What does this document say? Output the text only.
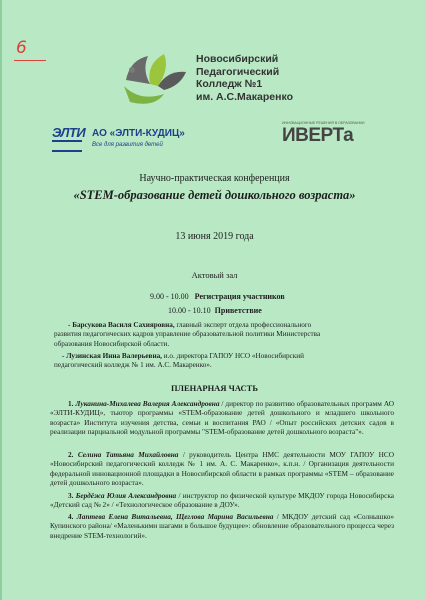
6
Новосибирский
Педагогический
Колледж №1
им. А.С.Макаренко
ЭЛТИ АО «ЭЛТИ-КУДИЦ»
Все для развития детей
ИННОВАЦИОННЫЕ РЕШЕНИЯ В ОБРАЗОВАНИИ
ИВЕРТа
Научно-практическая конференция
«STEM-образование детей дошкольного возраста»
13 июня 2019 года
Актовый зал
9.00 - 10.00 Регистрация участников
10.00 - 10.10 Приветствие
- Барсукова Василя Сахияровна, главный эксперт отдела профессионального
развития педагогических кадров управление образовательной политики Министерства
образования Новосибирской области.
- Лузинская Инна Валерьевна, и.о. директора ГАПОУ НСО «Новосибирский
педагогический колледж № 1 им. А.С. Макаренко».
ПЛЕНАРНАЯ ЧАСТЬ
1. Луканина-Михалева Валерия Александровна / директор по развитию образовательных программ АО «ЭЛТИ-КУДИЦ», тьютор программы «STEM-образование детей дошкольного и младшего школьного возраста» Института изучения детства, семьи и воспитания РАО / «Опыт российских детских садов в реализации парциальной модульной программы "STEM-образование детей дошкольного возраста"».
2. Селина Татьяна Михайловна / руководитель Центра НМС деятельности МОУ ГАПОУ НСО «Новосибирский педагогический колледж № 1 им. А. С. Макаренко», к.п.н. / Организация деятельности федеральной инновационной площадки в Новосибирской области в рамках программы «STEM – образование детей дошкольного возраста».
3. Бердёжа Юлия Александровна / инструктор по физической культуре МКДОУ города Новосибирска «Детский сад № 2» / «Технологическое образование в ДОУ».
4. Лаптева Елена Витальевна, Щеглова Марина Васильевна / МКДОУ детский сад «Солнышко» Купинского района/ «Маленькими шагами в большое будущее»: обновление образовательного процесса через внедрение STEM-технологий».
